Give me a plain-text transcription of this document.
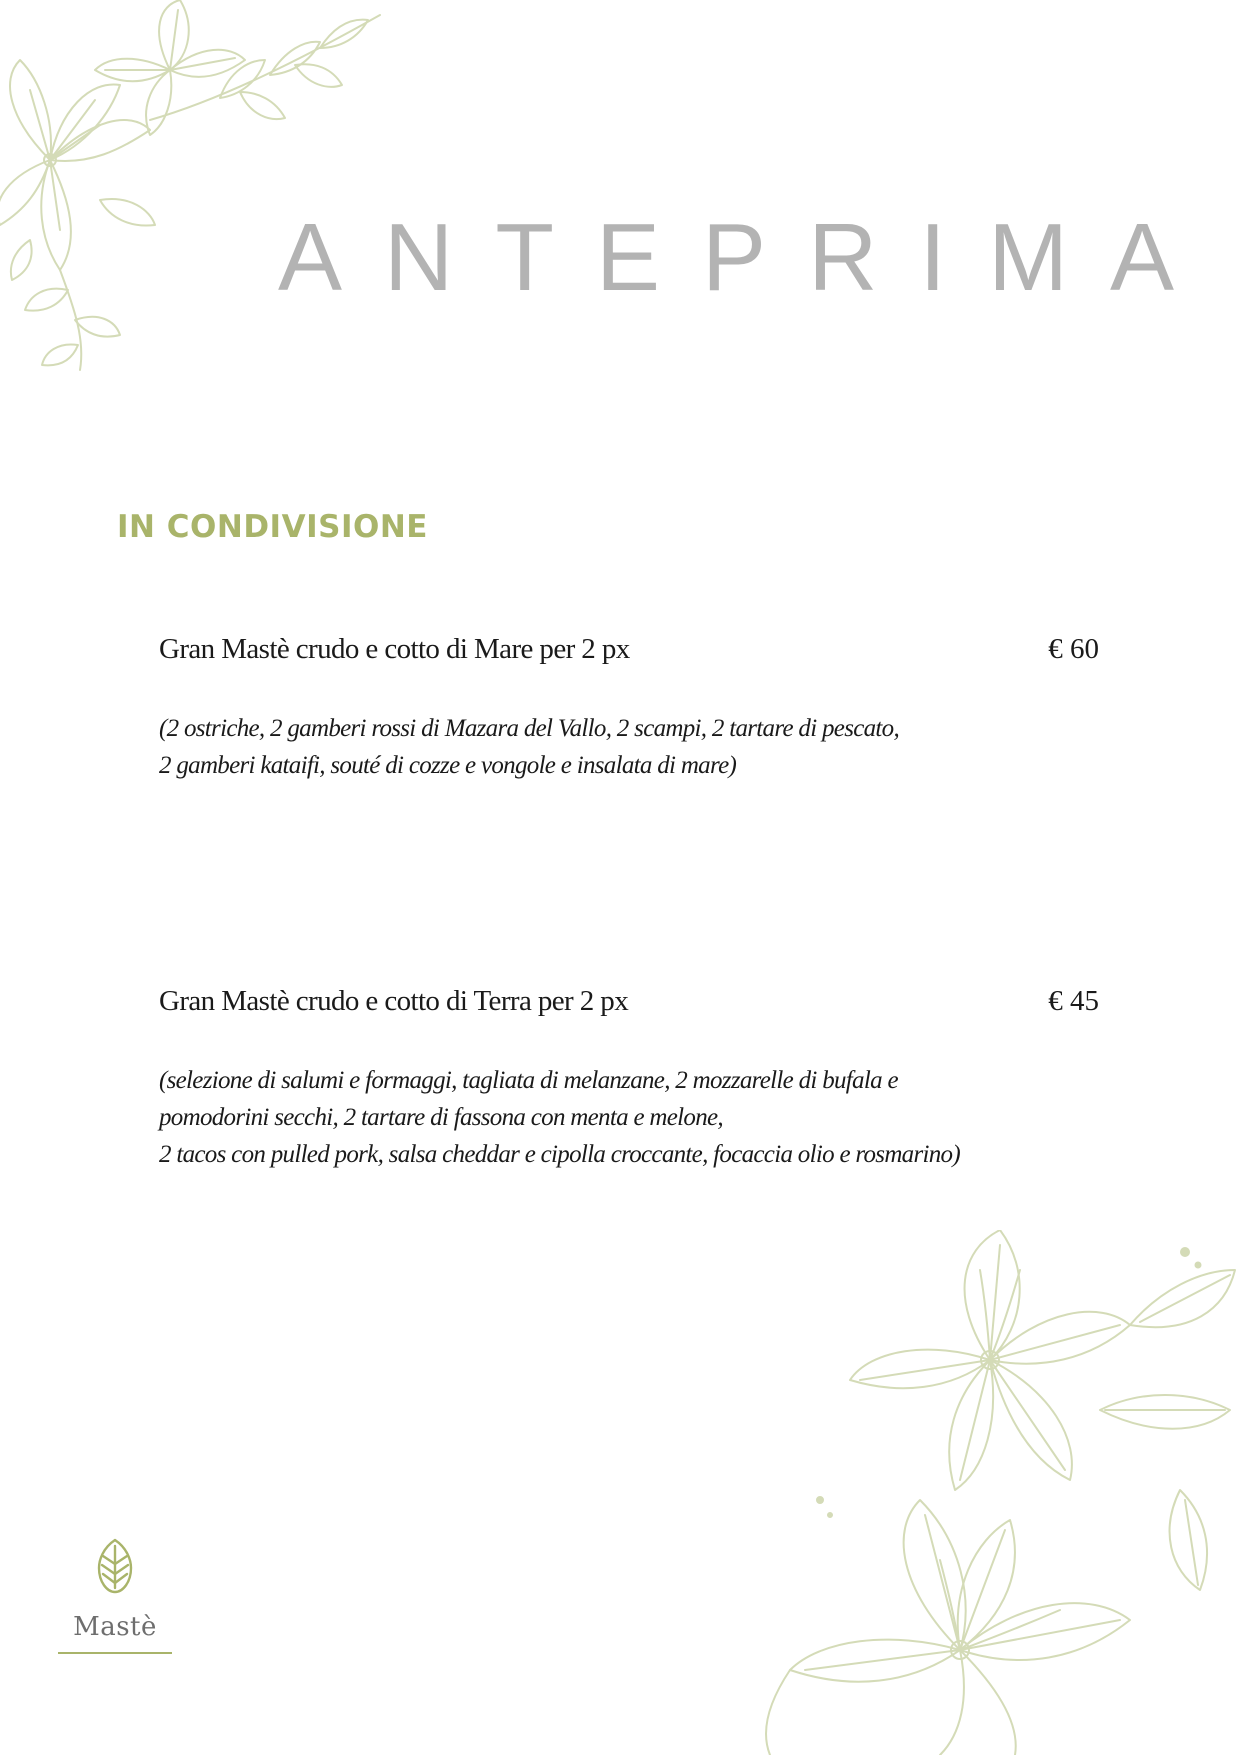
ANTEPRIMA
IN CONDIVISIONE
Gran Mastè crudo e cotto di Mare per 2 px	€ 60
(2 ostriche, 2 gamberi rossi di Mazara del Vallo, 2 scampi, 2 tartare di pescato,
2 gamberi kataifi, souté di cozze e vongole e insalata di mare)
Gran Mastè crudo e cotto di Terra per 2 px	€ 45
(selezione di salumi e formaggi, tagliata di melanzane, 2 mozzarelle di bufala e
pomodorini secchi, 2 tartare di fassona con menta e melone,
2 tacos con pulled pork, salsa cheddar e cipolla croccante, focaccia olio e rosmarino)
Mastè
